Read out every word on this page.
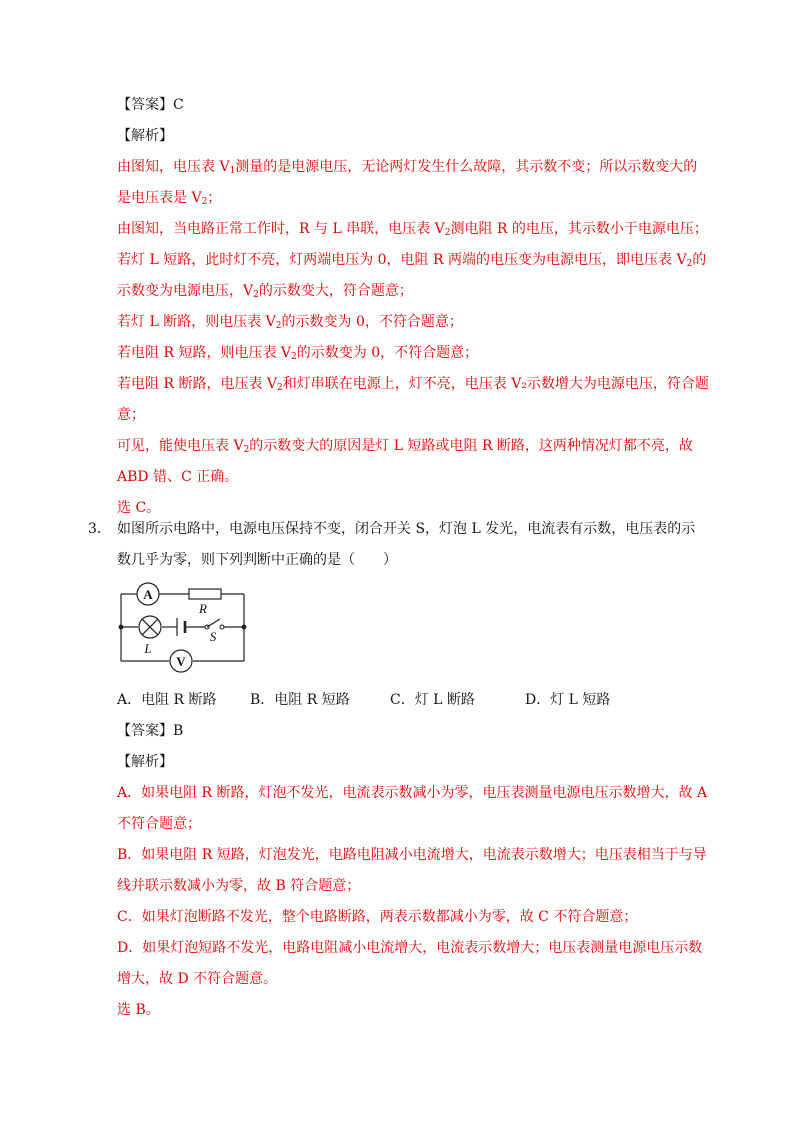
【答案】C
【解析】
由图知，电压表 $V_1$测量的是电源电压，无论两灯发生什么故障，其示数不变；所以示数变大的
是电压表是 $V_2$；
由图知，当电路正常工作时，R 与 L 串联，电压表 $V_2$测电阻 R 的电压，其示数小于电源电压；
若灯 L 短路，此时灯不亮，灯两端电压为 0，电阻 R 两端的电压变为电源电压，即电压表 $V_2$的
示数变为电源电压，$V_2$的示数变大，符合题意；
若灯 L 断路，则电压表 $V_2$的示数变为 0，不符合题意；
若电阻 R 短路，则电压表 $V_2$的示数变为 0，不符合题意；
若电阻 R 断路，电压表 $V_2$和灯串联在电源上，灯不亮，电压表 V₂示数增大为电源电压，符合题
意；
可见，能使电压表 $V_2$的示数变大的原因是灯 L 短路或电阻 R 断路，这两种情况灯都不亮，故
ABD 错、C 正确。
选 C。
3． 如图所示电路中，电源电压保持不变，闭合开关 S，灯泡 L 发光，电流表有示数，电压表的示
数几乎为零，则下列判断中正确的是（　　）
A
R
L
S
V
A．电阻 R 断路 B．电阻 R 短路	C．灯 L 断路	D．灯 L 短路
【答案】B
【解析】
A．如果电阻 R 断路，灯泡不发光，电流表示数减小为零，电压表测量电源电压示数增大，故 A
不符合题意；
B．如果电阻 R 短路，灯泡发光，电路电阻减小电流增大，电流表示数增大；电压表相当于与导
线并联示数减小为零，故 B 符合题意；
C．如果灯泡断路不发光，整个电路断路，两表示数都减小为零，故 C 不符合题意；
D．如果灯泡短路不发光，电路电阻减小电流增大，电流表示数增大；电压表测量电源电压示数
增大，故 D 不符合题意。
选 B。
